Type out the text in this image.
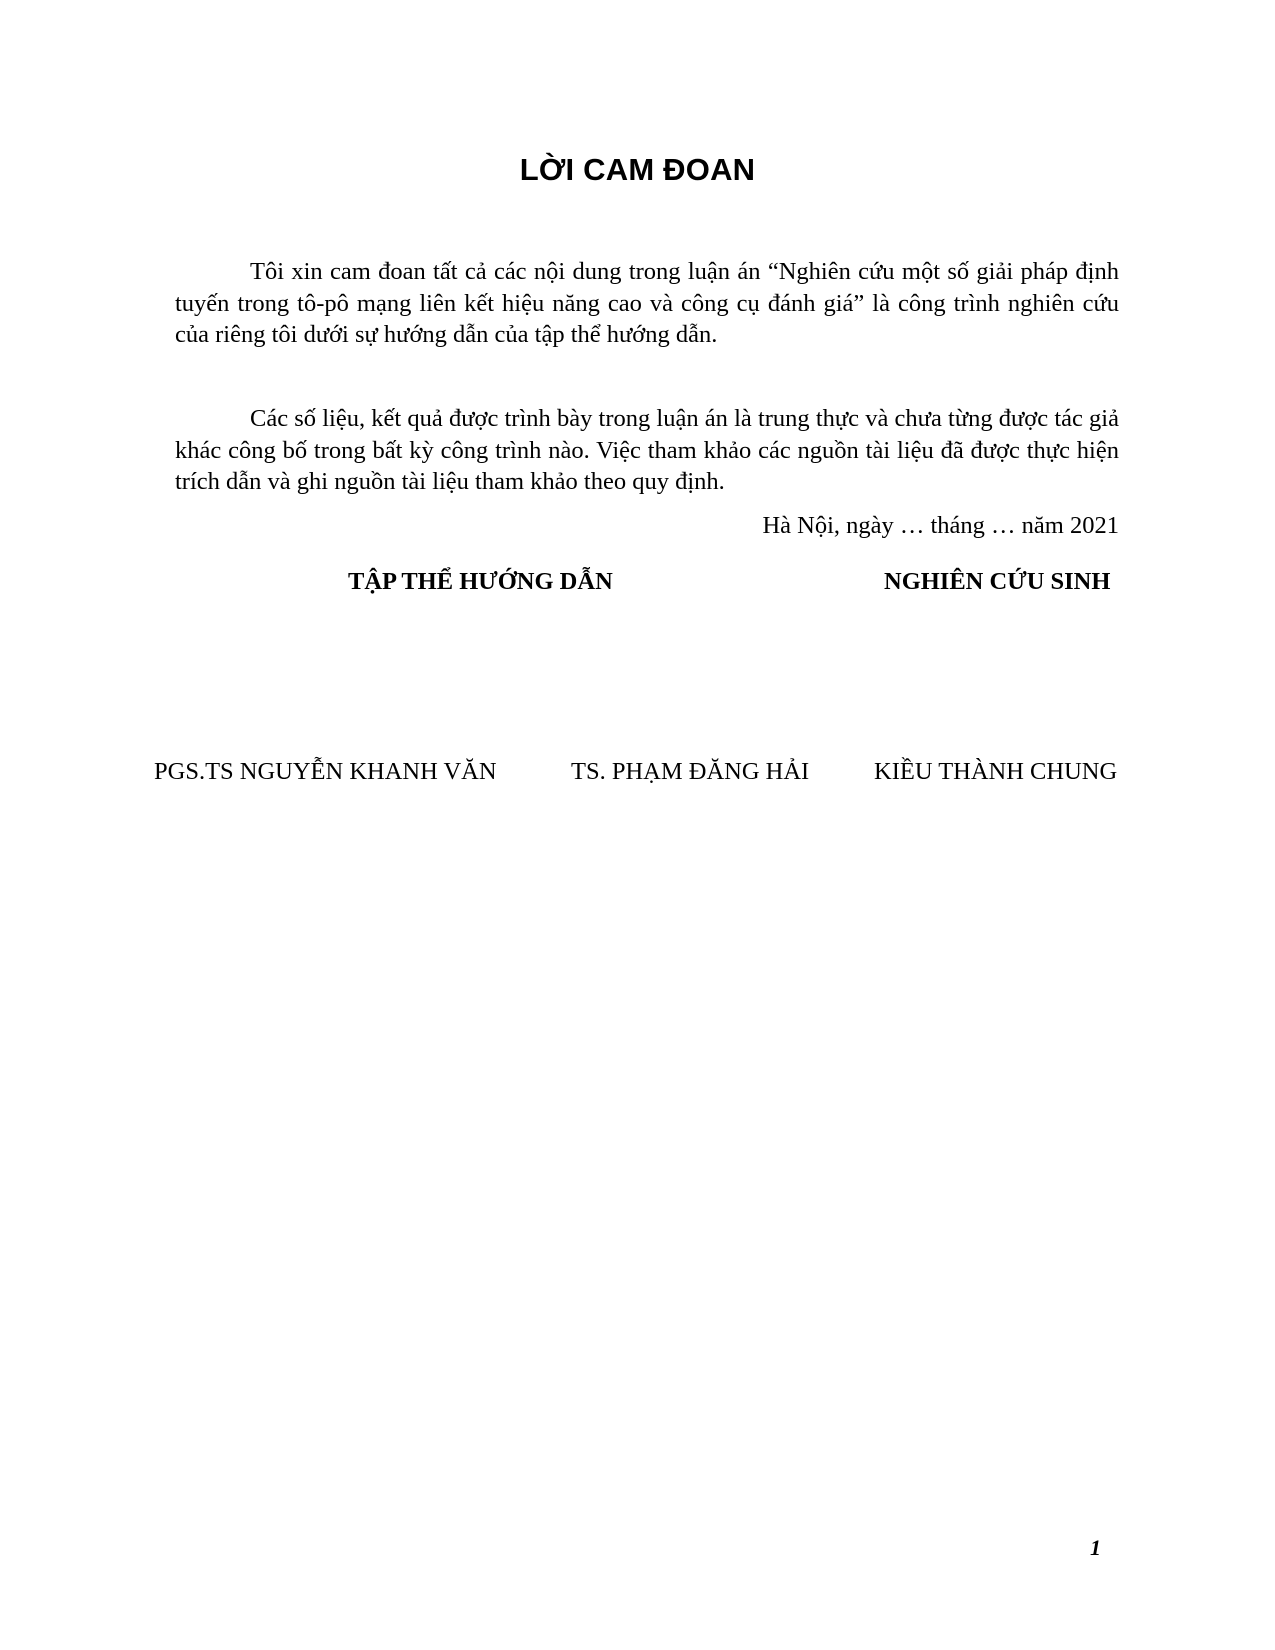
LỜI CAM ĐOAN
Tôi xin cam đoan tất cả các nội dung trong luận án “Nghiên cứu một số giải pháp định tuyến trong tô-pô mạng liên kết hiệu năng cao và công cụ đánh giá” là công trình nghiên cứu của riêng tôi dưới sự hướng dẫn của tập thể hướng dẫn.
Các số liệu, kết quả được trình bày trong luận án là trung thực và chưa từng được tác giả khác công bố trong bất kỳ công trình nào. Việc tham khảo các nguồn tài liệu đã được thực hiện trích dẫn và ghi nguồn tài liệu tham khảo theo quy định.
Hà Nội, ngày … tháng … năm 2021
TẬP THỂ HƯỚNG DẪN	NGHIÊN CỨU SINH
PGS.TS NGUYỄN KHANH VĂN	TS. PHẠM ĐĂNG HẢI	KIỀU THÀNH CHUNG
1
